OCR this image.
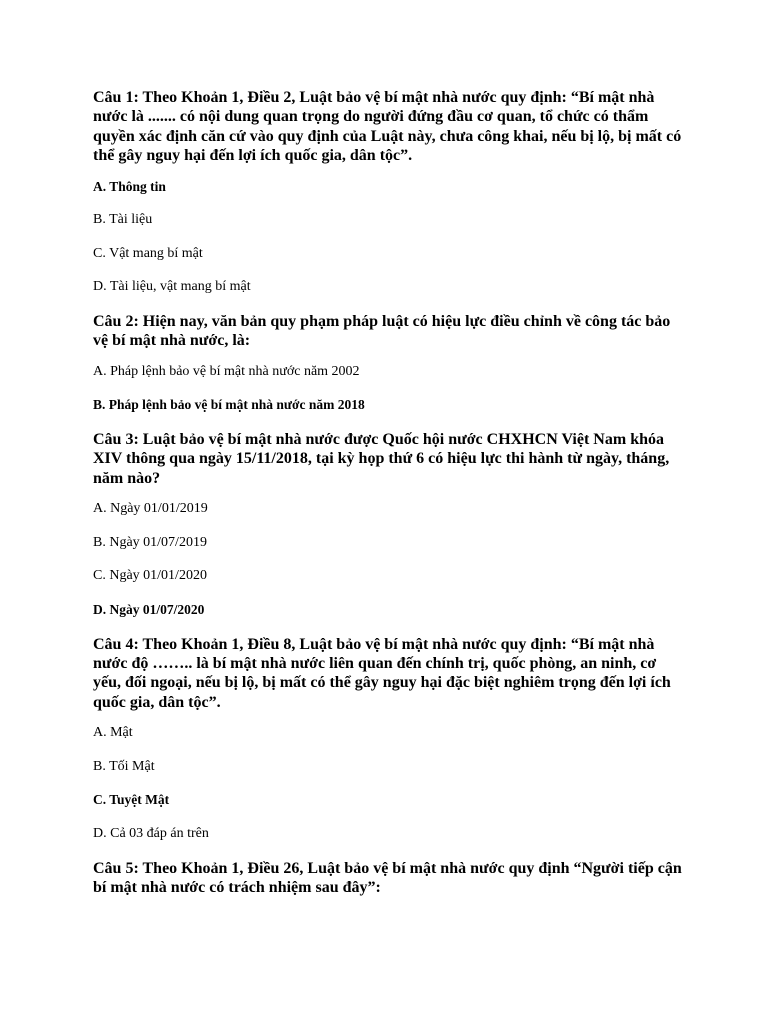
Câu 1: Theo Khoản 1, Điều 2, Luật bảo vệ bí mật nhà nước quy định: “Bí mật nhà nước là ....... có nội dung quan trọng do người đứng đầu cơ quan, tổ chức có thẩm quyền xác định căn cứ vào quy định của Luật này, chưa công khai, nếu bị lộ, bị mất có thể gây nguy hại đến lợi ích quốc gia, dân tộc”.
A. Thông tin
B. Tài liệu
C. Vật mang bí mật
D. Tài liệu, vật mang bí mật
Câu 2: Hiện nay, văn bản quy phạm pháp luật có hiệu lực điều chỉnh về công tác bảo vệ bí mật nhà nước, là:
A. Pháp lệnh bảo vệ bí mật nhà nước năm 2002
B. Pháp lệnh bảo vệ bí mật nhà nước năm 2018
Câu 3: Luật bảo vệ bí mật nhà nước được Quốc hội nước CHXHCN Việt Nam khóa XIV thông qua ngày 15/11/2018, tại kỳ họp thứ 6 có hiệu lực thi hành từ ngày, tháng, năm nào?
A. Ngày 01/01/2019
B. Ngày 01/07/2019
C. Ngày 01/01/2020
D. Ngày 01/07/2020
Câu 4: Theo Khoản 1, Điều 8, Luật bảo vệ bí mật nhà nước quy định: “Bí mật nhà nước độ …….. là bí mật nhà nước liên quan đến chính trị, quốc phòng, an ninh, cơ yếu, đối ngoại, nếu bị lộ, bị mất có thể gây nguy hại đặc biệt nghiêm trọng đến lợi ích quốc gia, dân tộc”.
A. Mật
B. Tối Mật
C. Tuyệt Mật
D. Cả 03 đáp án trên
Câu 5: Theo Khoản 1, Điều 26, Luật bảo vệ bí mật nhà nước quy định “Người tiếp cận bí mật nhà nước có trách nhiệm sau đây”:
